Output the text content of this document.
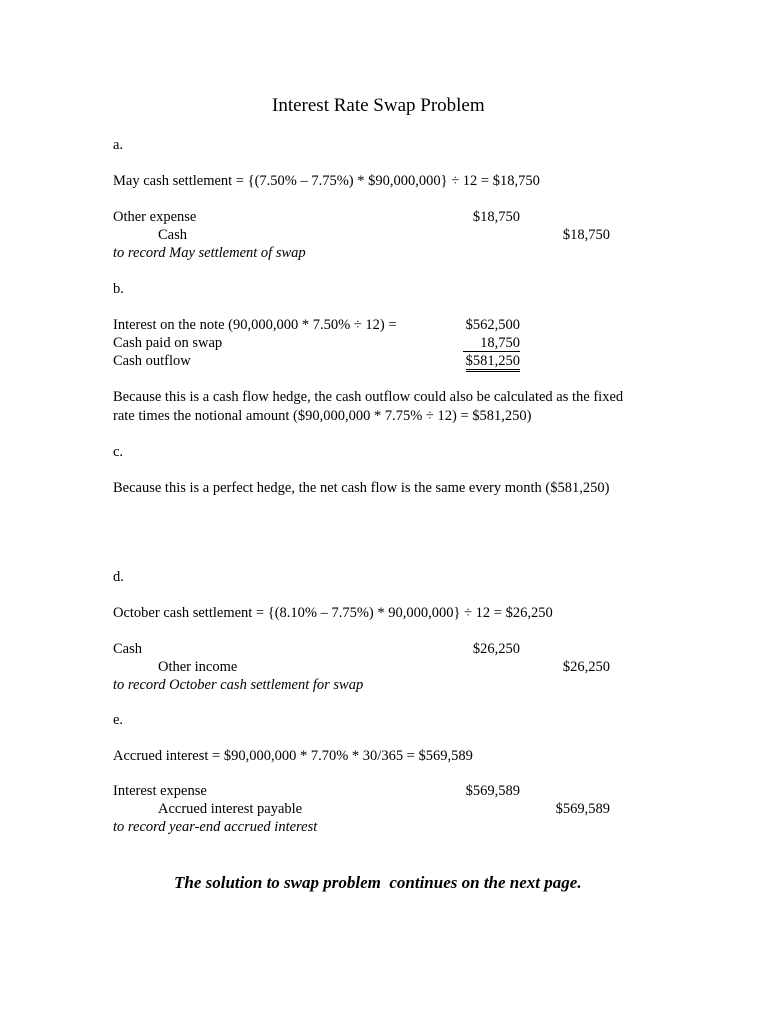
Interest Rate Swap Problem
a.
May cash settlement = {(7.50% – 7.75%) * $90,000,000} ÷ 12 = $18,750
Other expense	$18,750
Cash	$18,750
to record May settlement of swap
b.
Interest on the note (90,000,000 * 7.50% ÷ 12) =	$562,500
Cash paid on swap	18,750
Cash outflow	$581,250
Because this is a cash flow hedge, the cash outflow could also be calculated as the fixed
rate times the notional amount ($90,000,000 * 7.75% ÷ 12) = $581,250)
c.
Because this is a perfect hedge, the net cash flow is the same every month ($581,250)
d.
October cash settlement = {(8.10% – 7.75%) * 90,000,000} ÷ 12 = $26,250
Cash	$26,250
Other income	$26,250
to record October cash settlement for swap
e.
Accrued interest = $90,000,000 * 7.70% * 30/365 = $569,589
Interest expense	$569,589
Accrued interest payable	$569,589
to record year-end accrued interest
The solution to swap problem  continues on the next page.
